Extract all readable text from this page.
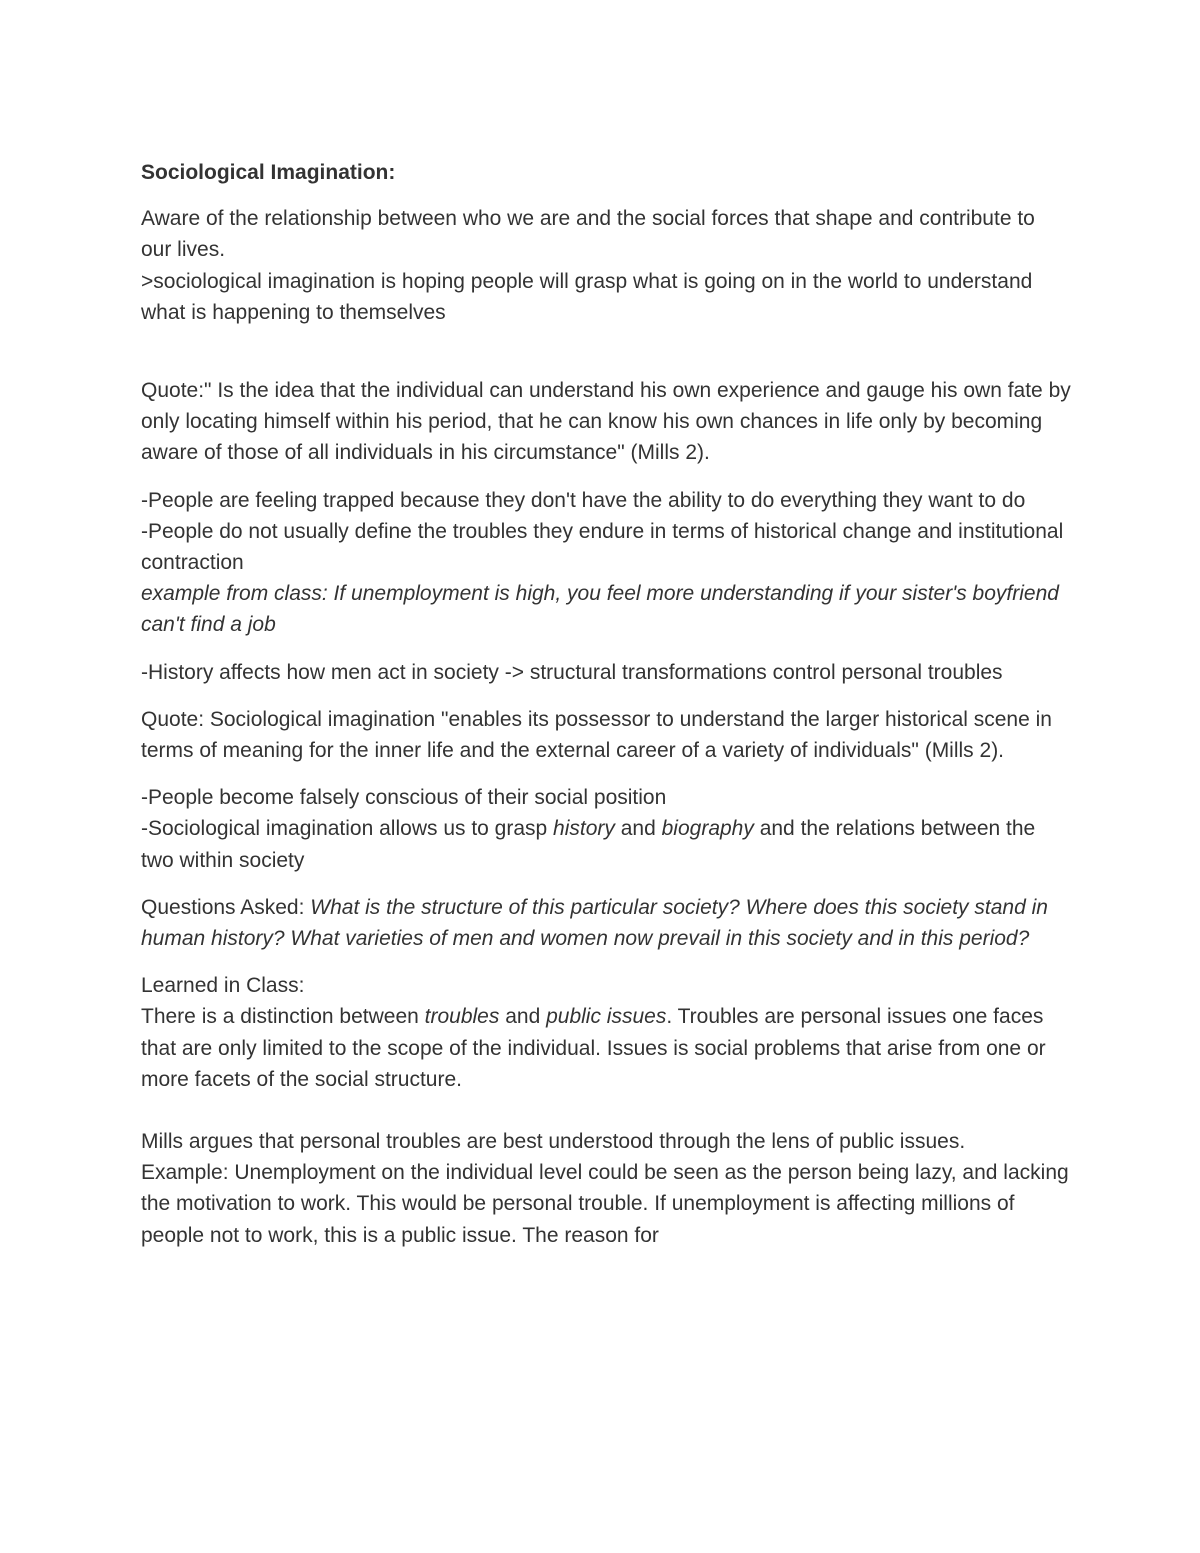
Sociological Imagination:
Aware of the relationship between who we are and the social forces that shape and contribute to our lives.
>sociological imagination is hoping people will grasp what is going on in the world to understand what is happening to themselves
Quote:" Is the idea that the individual can understand his own experience and gauge his own fate by only locating himself within his period, that he can know his own chances in life only by becoming aware of those of all individuals in his circumstance" (Mills 2).
-People are feeling trapped because they don't have the ability to do everything they want to do
-People do not usually define the troubles they endure in terms of historical change and institutional contraction
example from class: If unemployment is high, you feel more understanding if your sister's boyfriend can't find a job
-History affects how men act in society -> structural transformations control personal troubles
Quote: Sociological imagination "enables its possessor to understand the larger historical scene in terms of meaning for the inner life and the external career of a variety of individuals" (Mills 2).
-People become falsely conscious of their social position
-Sociological imagination allows us to grasp history and biography and the relations between the two within society
Questions Asked: What is the structure of this particular society? Where does this society stand in human history? What varieties of men and women now prevail in this society and in this period?
Learned in Class:
There is a distinction between troubles and public issues. Troubles are personal issues one faces that are only limited to the scope of the individual. Issues is social problems that arise from one or more facets of the social structure.
Mills argues that personal troubles are best understood through the lens of public issues.
Example: Unemployment on the individual level could be seen as the person being lazy, and lacking the motivation to work. This would be personal trouble. If unemployment is affecting millions of people not to work, this is a public issue. The reason for
